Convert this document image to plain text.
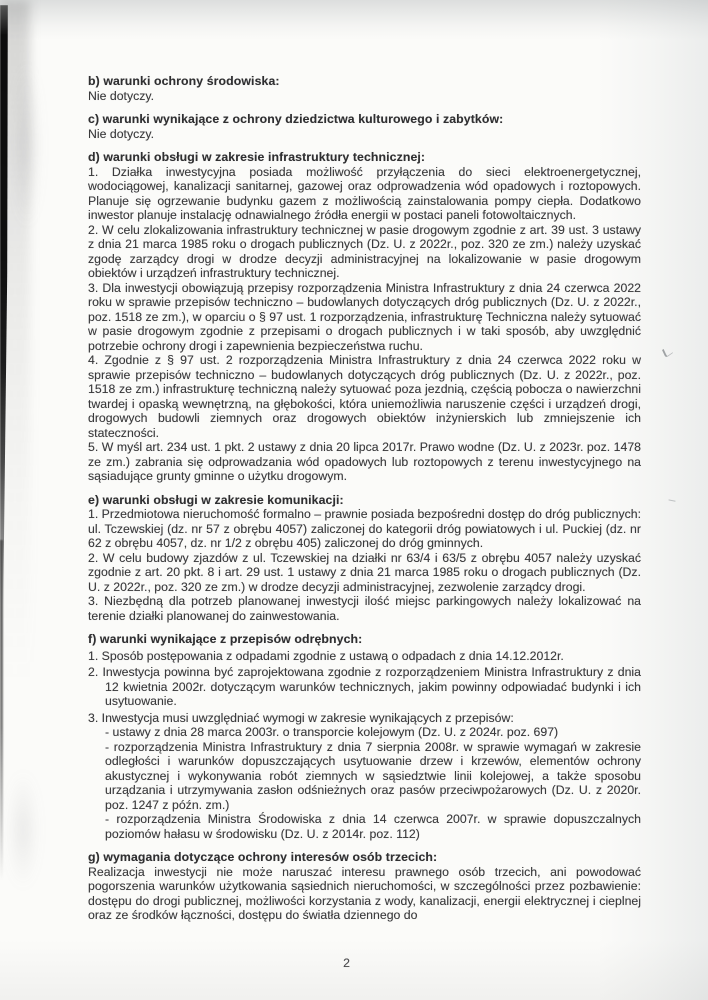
b) warunki ochrony środowiska:
Nie dotyczy.
c) warunki wynikające z ochrony dziedzictwa kulturowego i zabytków:
Nie dotyczy.
d) warunki obsługi w zakresie infrastruktury technicznej:
1. Działka inwestycyjna posiada możliwość przyłączenia do sieci elektroenergetycznej, wodociągowej, kanalizacji sanitarnej, gazowej oraz odprowadzenia wód opadowych i roztopowych. Planuje się ogrzewanie budynku gazem z możliwością zainstalowania pompy ciepła. Dodatkowo inwestor planuje instalację odnawialnego źródła energii w postaci paneli fotowoltaicznych.
2. W celu zlokalizowania infrastruktury technicznej w pasie drogowym zgodnie z art. 39 ust. 3 ustawy z dnia 21 marca 1985 roku o drogach publicznych (Dz. U. z 2022r., poz. 320 ze zm.) należy uzyskać zgodę zarządcy drogi w drodze decyzji administracyjnej na lokalizowanie w pasie drogowym obiektów i urządzeń infrastruktury technicznej.
3. Dla inwestycji obowiązują przepisy rozporządzenia Ministra Infrastruktury z dnia 24 czerwca 2022 roku w sprawie przepisów techniczno – budowlanych dotyczących dróg publicznych (Dz. U. z 2022r., poz. 1518 ze zm.), w oparciu o § 97 ust. 1 rozporządzenia, infrastrukturę Techniczna należy sytuować w pasie drogowym zgodnie z przepisami o drogach publicznych i w taki sposób, aby uwzględnić potrzebie ochrony drogi i zapewnienia bezpieczeństwa ruchu.
4. Zgodnie z § 97 ust. 2 rozporządzenia Ministra Infrastruktury z dnia 24 czerwca 2022 roku w sprawie przepisów techniczno – budowlanych dotyczących dróg publicznych (Dz. U. z 2022r., poz. 1518 ze zm.) infrastrukturę techniczną należy sytuować poza jezdnią, częścią pobocza o nawierzchni twardej i opaską wewnętrzną, na głębokości, która uniemożliwia naruszenie części i urządzeń drogi, drogowych budowli ziemnych oraz drogowych obiektów inżynierskich lub zmniejszenie ich stateczności.
5. W myśl art. 234 ust. 1 pkt. 2 ustawy z dnia 20 lipca 2017r. Prawo wodne (Dz. U. z 2023r. poz. 1478 ze zm.) zabrania się odprowadzania wód opadowych lub roztopowych z terenu inwestycyjnego na sąsiadujące grunty gminne o użytku drogowym.
e) warunki obsługi w zakresie komunikacji:
1. Przedmiotowa nieruchomość formalno – prawnie posiada bezpośredni dostęp do dróg publicznych: ul. Tczewskiej (dz. nr 57 z obrębu 4057) zaliczonej do kategorii dróg powiatowych i ul. Puckiej (dz. nr 62 z obrębu 4057, dz. nr 1/2 z obrębu 405) zaliczonej do dróg gminnych.
2. W celu budowy zjazdów z ul. Tczewskiej na działki nr 63/4 i 63/5 z obrębu 4057 należy uzyskać zgodnie z art. 20 pkt. 8 i art. 29 ust. 1 ustawy z dnia 21 marca 1985 roku o drogach publicznych (Dz. U. z 2022r., poz. 320 ze zm.) w drodze decyzji administracyjnej, zezwolenie zarządcy drogi.
3. Niezbędną dla potrzeb planowanej inwestycji ilość miejsc parkingowych należy lokalizować na terenie działki planowanej do zainwestowania.
f) warunki wynikające z przepisów odrębnych:
1. Sposób postępowania z odpadami zgodnie z ustawą o odpadach z dnia 14.12.2012r.
2. Inwestycja powinna być zaprojektowana zgodnie z rozporządzeniem Ministra Infrastruktury z dnia 12 kwietnia 2002r. dotyczącym warunków technicznych, jakim powinny odpowiadać budynki i ich usytuowanie.
3. Inwestycja musi uwzględniać wymogi w zakresie wynikających z przepisów:
- ustawy z dnia 28 marca 2003r. o transporcie kolejowym (Dz. U. z 2024r. poz. 697)
- rozporządzenia Ministra Infrastruktury z dnia 7 sierpnia 2008r. w sprawie wymagań w zakresie odległości i warunków dopuszczających usytuowanie drzew i krzewów, elementów ochrony akustycznej i wykonywania robót ziemnych w sąsiedztwie linii kolejowej, a także sposobu urządzania i utrzymywania zasłon odśnieżnych oraz pasów przeciwpożarowych (Dz. U. z 2020r. poz. 1247 z późn. zm.)
- rozporządzenia Ministra Środowiska z dnia 14 czerwca 2007r. w sprawie dopuszczalnych poziomów hałasu w środowisku (Dz. U. z 2014r. poz. 112)
g) wymagania dotyczące ochrony interesów osób trzecich:
Realizacja inwestycji nie może naruszać interesu prawnego osób trzecich, ani powodować pogorszenia warunków użytkowania sąsiednich nieruchomości, w szczególności przez pozbawienie: dostępu do drogi publicznej, możliwości korzystania z wody, kanalizacji, energii elektrycznej i cieplnej oraz ze środków łączności, dostępu do światła dziennego do
2
